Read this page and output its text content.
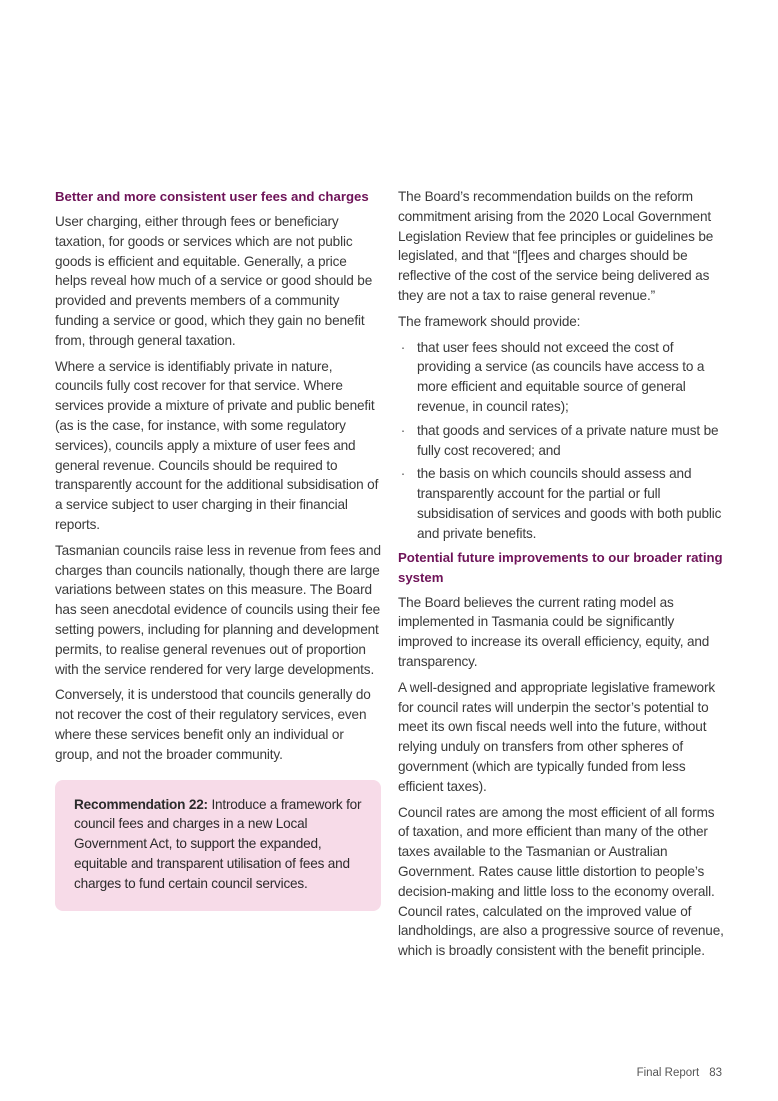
Better and more consistent user fees and charges

User charging, either through fees or beneficiary taxation, for goods or services which are not public goods is efficient and equitable. Generally, a price helps reveal how much of a service or good should be provided and prevents members of a community funding a service or good, which they gain no benefit from, through general taxation.

Where a service is identifiably private in nature, councils fully cost recover for that service. Where services provide a mixture of private and public benefit (as is the case, for instance, with some regulatory services), councils apply a mixture of user fees and general revenue. Councils should be required to transparently account for the additional subsidisation of a service subject to user charging in their financial reports.

Tasmanian councils raise less in revenue from fees and charges than councils nationally, though there are large variations between states on this measure. The Board has seen anecdotal evidence of councils using their fee setting powers, including for planning and development permits, to realise general revenues out of proportion with the service rendered for very large developments.

Conversely, it is understood that councils generally do not recover the cost of their regulatory services, even where these services benefit only an individual or group, and not the broader community.

Recommendation 22: Introduce a framework for council fees and charges in a new Local Government Act, to support the expanded, equitable and transparent utilisation of fees and charges to fund certain council services.

The Board’s recommendation builds on the reform commitment arising from the 2020 Local Government Legislation Review that fee principles or guidelines be legislated, and that “[f]ees and charges should be reflective of the cost of the service being delivered as they are not a tax to raise general revenue.”

The framework should provide:

· that user fees should not exceed the cost of providing a service (as councils have access to a more efficient and equitable source of general revenue, in council rates);
· that goods and services of a private nature must be fully cost recovered; and
· the basis on which councils should assess and transparently account for the partial or full subsidisation of services and goods with both public and private benefits.
Potential future improvements to our broader rating system

The Board believes the current rating model as implemented in Tasmania could be significantly improved to increase its overall efficiency, equity, and transparency.

A well-designed and appropriate legislative framework for council rates will underpin the sector’s potential to meet its own fiscal needs well into the future, without relying unduly on transfers from other spheres of government (which are typically funded from less efficient taxes).

Council rates are among the most efficient of all forms of taxation, and more efficient than many of the other taxes available to the Tasmanian or Australian Government. Rates cause little distortion to people’s decision-making and little loss to the economy overall. Council rates, calculated on the improved value of landholdings, are also a progressive source of revenue, which is broadly consistent with the benefit principle.

Final Report 83
